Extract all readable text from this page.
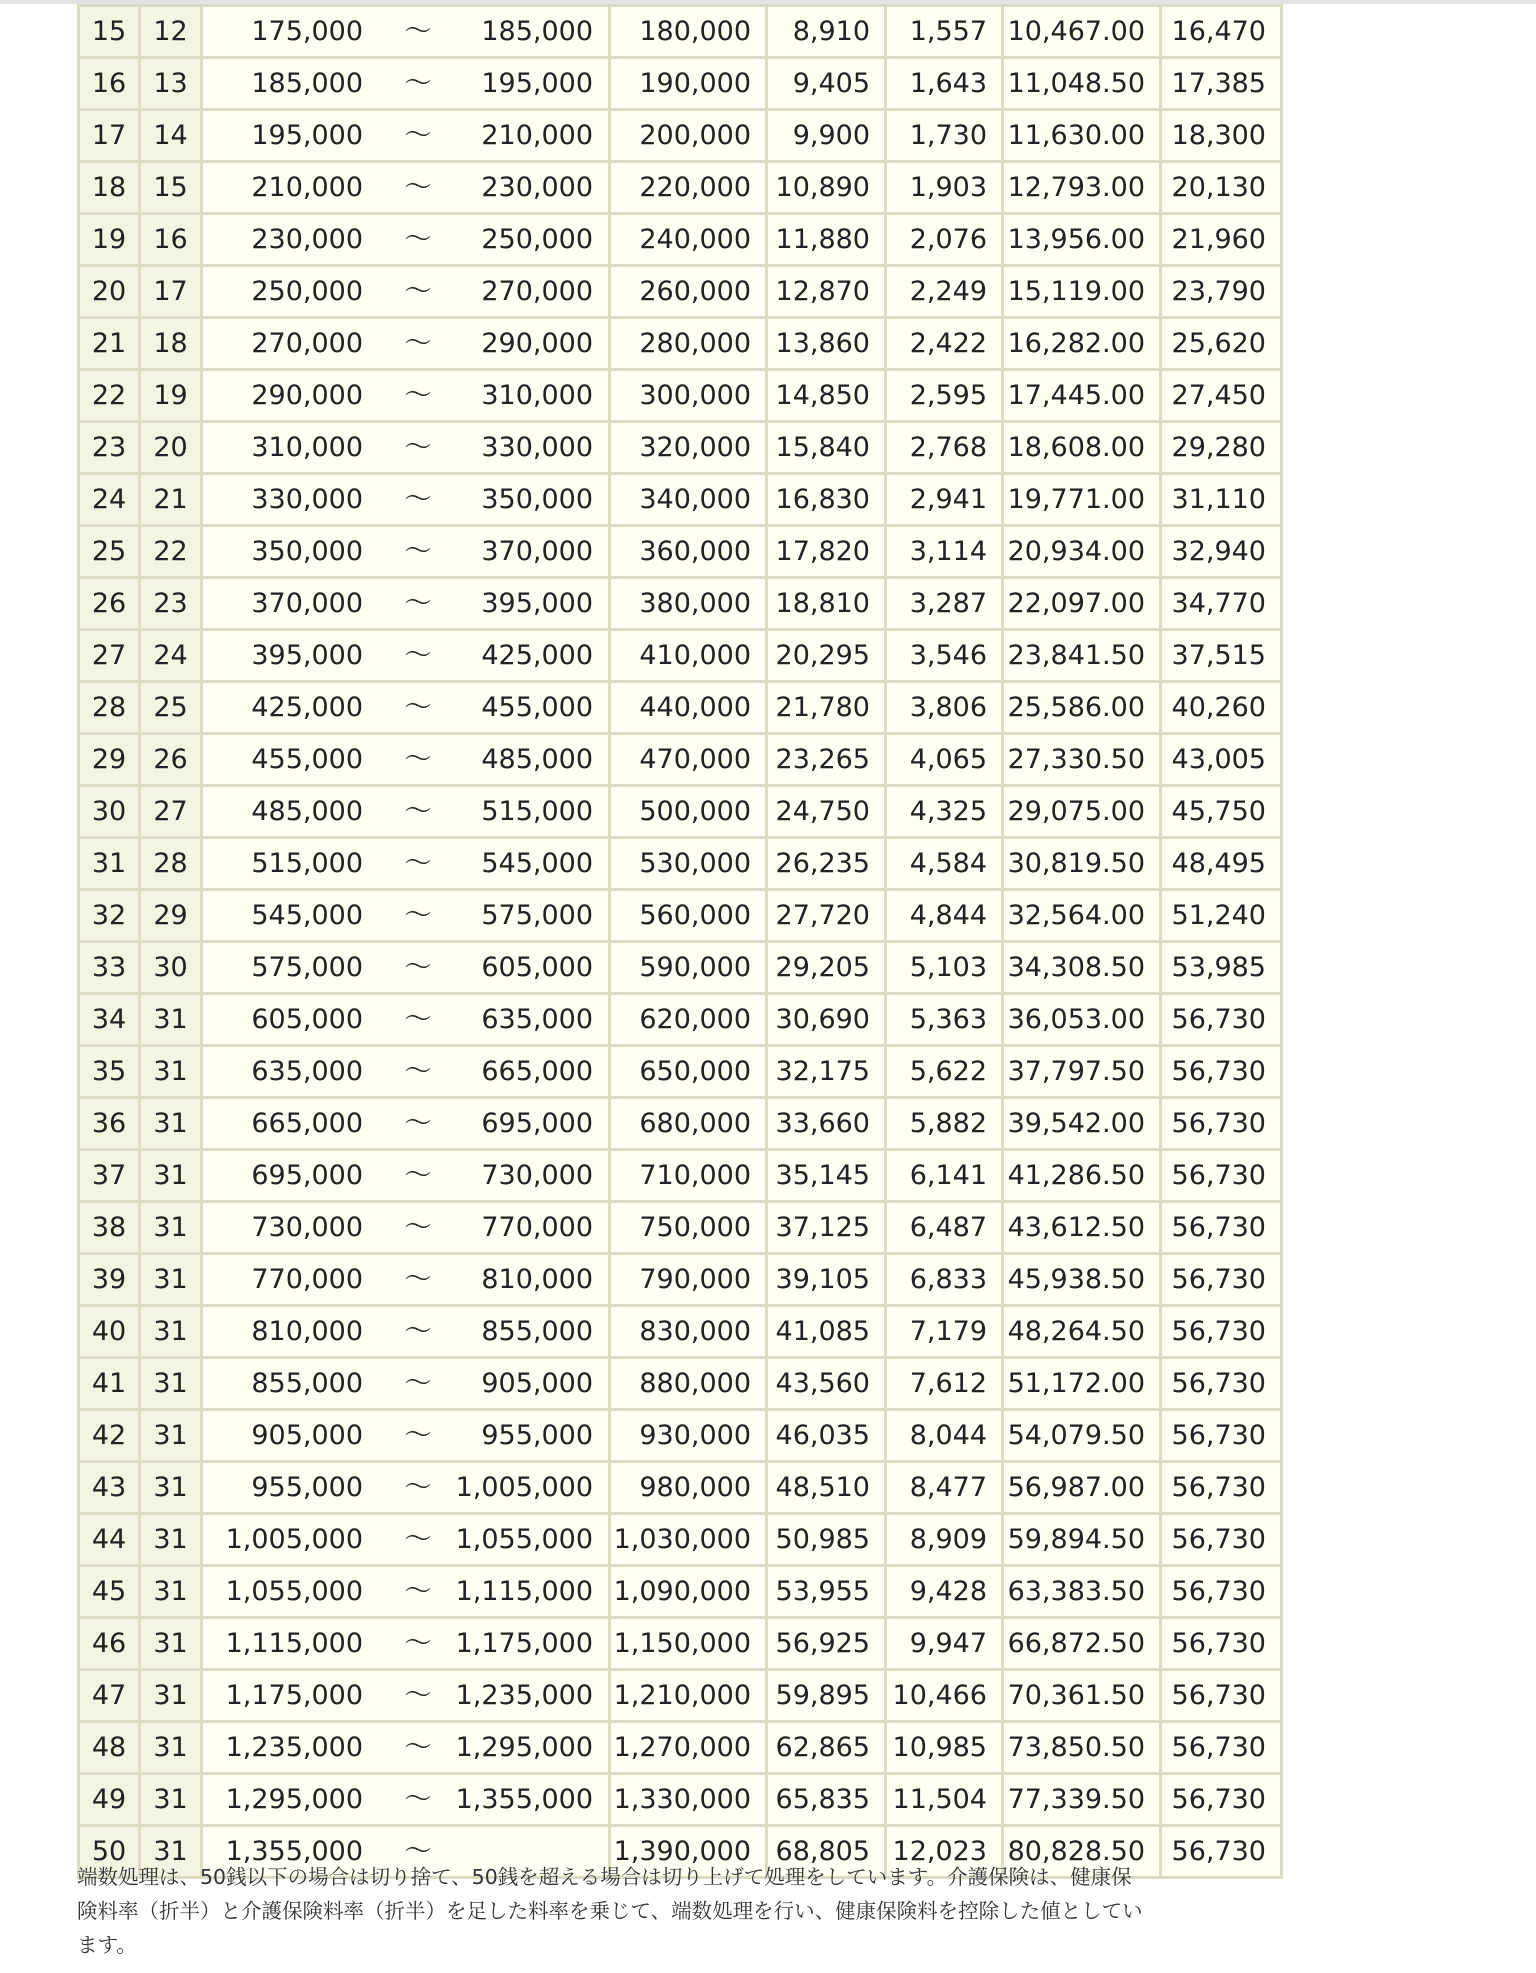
15	12	175,000 〜 185,000	180,000	8,910	1,557	10,467.00	16,470
16	13	185,000 〜 195,000	190,000	9,405	1,643	11,048.50	17,385
17	14	195,000 〜 210,000	200,000	9,900	1,730	11,630.00	18,300
18	15	210,000 〜 230,000	220,000	10,890	1,903	12,793.00	20,130
19	16	230,000 〜 250,000	240,000	11,880	2,076	13,956.00	21,960
20	17	250,000 〜 270,000	260,000	12,870	2,249	15,119.00	23,790
21	18	270,000 〜 290,000	280,000	13,860	2,422	16,282.00	25,620
22	19	290,000 〜 310,000	300,000	14,850	2,595	17,445.00	27,450
23	20	310,000 〜 330,000	320,000	15,840	2,768	18,608.00	29,280
24	21	330,000 〜 350,000	340,000	16,830	2,941	19,771.00	31,110
25	22	350,000 〜 370,000	360,000	17,820	3,114	20,934.00	32,940
26	23	370,000 〜 395,000	380,000	18,810	3,287	22,097.00	34,770
27	24	395,000 〜 425,000	410,000	20,295	3,546	23,841.50	37,515
28	25	425,000 〜 455,000	440,000	21,780	3,806	25,586.00	40,260
29	26	455,000 〜 485,000	470,000	23,265	4,065	27,330.50	43,005
30	27	485,000 〜 515,000	500,000	24,750	4,325	29,075.00	45,750
31	28	515,000 〜 545,000	530,000	26,235	4,584	30,819.50	48,495
32	29	545,000 〜 575,000	560,000	27,720	4,844	32,564.00	51,240
33	30	575,000 〜 605,000	590,000	29,205	5,103	34,308.50	53,985
34	31	605,000 〜 635,000	620,000	30,690	5,363	36,053.00	56,730
35	31	635,000 〜 665,000	650,000	32,175	5,622	37,797.50	56,730
36	31	665,000 〜 695,000	680,000	33,660	5,882	39,542.00	56,730
37	31	695,000 〜 730,000	710,000	35,145	6,141	41,286.50	56,730
38	31	730,000 〜 770,000	750,000	37,125	6,487	43,612.50	56,730
39	31	770,000 〜 810,000	790,000	39,105	6,833	45,938.50	56,730
40	31	810,000 〜 855,000	830,000	41,085	7,179	48,264.50	56,730
41	31	855,000 〜 905,000	880,000	43,560	7,612	51,172.00	56,730
42	31	905,000 〜 955,000	930,000	46,035	8,044	54,079.50	56,730
43	31	955,000 〜 1,005,000	980,000	48,510	8,477	56,987.00	56,730
44	31	1,005,000 〜 1,055,000	1,030,000	50,985	8,909	59,894.50	56,730
45	31	1,055,000 〜 1,115,000	1,090,000	53,955	9,428	63,383.50	56,730
46	31	1,115,000 〜 1,175,000	1,150,000	56,925	9,947	66,872.50	56,730
47	31	1,175,000 〜 1,235,000	1,210,000	59,895	10,466	70,361.50	56,730
48	31	1,235,000 〜 1,295,000	1,270,000	62,865	10,985	73,850.50	56,730
49	31	1,295,000 〜 1,355,000	1,330,000	65,835	11,504	77,339.50	56,730
50	31	1,355,000 〜	1,390,000	68,805	12,023	80,828.50	56,730
端数処理は、50銭以下の場合は切り捨て、50銭を超える場合は切り上げて処理をしています。介護保険は、健康保険料率（折半）と介護保険料率（折半）を足した料率を乗じて、端数処理を行い、健康保険料を控除した値としています。
